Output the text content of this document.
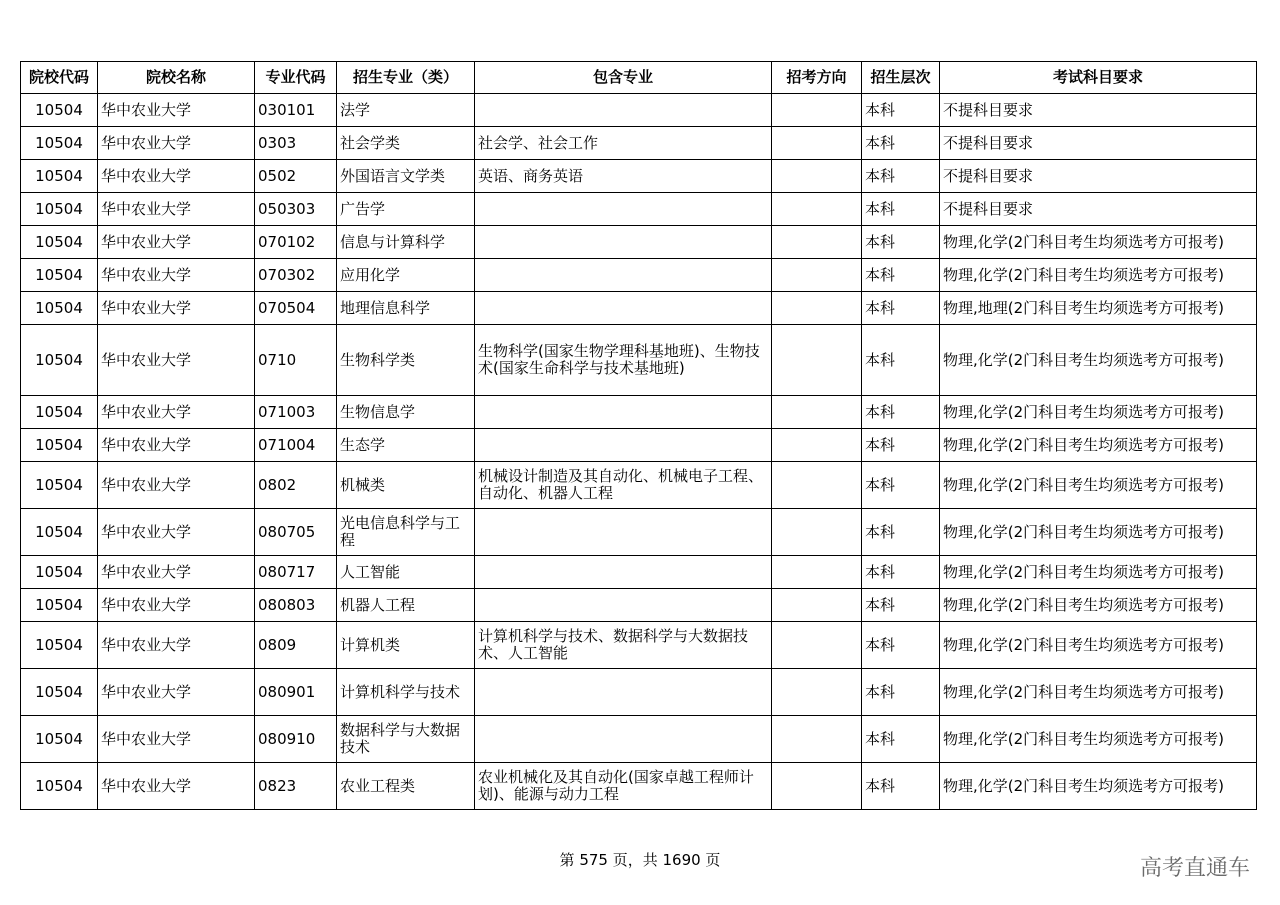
院校代码	院校名称	专业代码	招生专业（类）	包含专业	招考方向	招生层次	考试科目要求
10504	华中农业大学	030101	法学			本科	不提科目要求
10504	华中农业大学	0303	社会学类	社会学、社会工作		本科	不提科目要求
10504	华中农业大学	0502	外国语言文学类	英语、商务英语		本科	不提科目要求
10504	华中农业大学	050303	广告学			本科	不提科目要求
10504	华中农业大学	070102	信息与计算科学			本科	物理,化学(2门科目考生均须选考方可报考)
10504	华中农业大学	070302	应用化学			本科	物理,化学(2门科目考生均须选考方可报考)
10504	华中农业大学	070504	地理信息科学			本科	物理,地理(2门科目考生均须选考方可报考)
10504	华中农业大学	0710	生物科学类	生物科学(国家生物学理科基地班)、生物技术(国家生命科学与技术基地班)		本科	物理,化学(2门科目考生均须选考方可报考)
10504	华中农业大学	071003	生物信息学			本科	物理,化学(2门科目考生均须选考方可报考)
10504	华中农业大学	071004	生态学			本科	物理,化学(2门科目考生均须选考方可报考)
10504	华中农业大学	0802	机械类	机械设计制造及其自动化、机械电子工程、自动化、机器人工程		本科	物理,化学(2门科目考生均须选考方可报考)
10504	华中农业大学	080705	光电信息科学与工程			本科	物理,化学(2门科目考生均须选考方可报考)
10504	华中农业大学	080717	人工智能			本科	物理,化学(2门科目考生均须选考方可报考)
10504	华中农业大学	080803	机器人工程			本科	物理,化学(2门科目考生均须选考方可报考)
10504	华中农业大学	0809	计算机类	计算机科学与技术、数据科学与大数据技术、人工智能		本科	物理,化学(2门科目考生均须选考方可报考)
10504	华中农业大学	080901	计算机科学与技术			本科	物理,化学(2门科目考生均须选考方可报考)
10504	华中农业大学	080910	数据科学与大数据技术			本科	物理,化学(2门科目考生均须选考方可报考)
10504	华中农业大学	0823	农业工程类	农业机械化及其自动化(国家卓越工程师计划)、能源与动力工程		本科	物理,化学(2门科目考生均须选考方可报考)
第 575 页，共 1690 页	高考直通车
